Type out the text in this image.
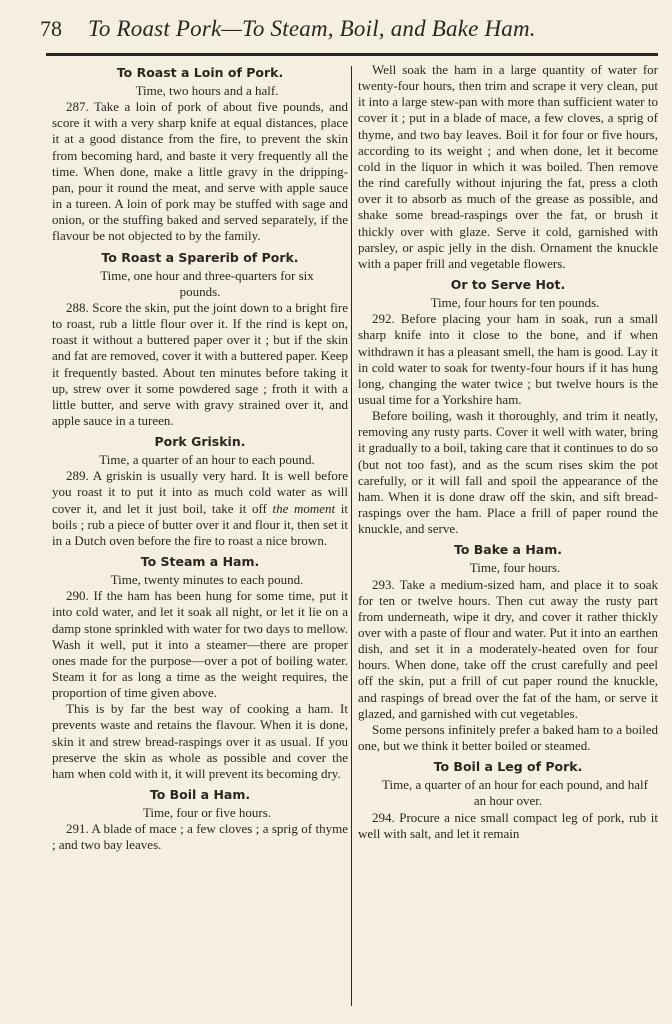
78 To Roast Pork—To Steam, Boil, and Bake Ham.
To Roast a Loin of Pork.

Time, two hours and a half.

287. Take a loin of pork of about five pounds, and score it with a very sharp knife at equal distances, place it at a good distance from the fire, to prevent the skin from becoming hard, and baste it very frequently all the time. When done, make a little gravy in the dripping-pan, pour it round the meat, and serve with apple sauce in a tureen. A loin of pork may be stuffed with sage and onion, or the stuffing baked and served separately, if the flavour be not objected to by the family.

To Roast a Sparerib of Pork.

Time, one hour and three-quarters for six pounds.

288. Score the skin, put the joint down to a bright fire to roast, rub a little flour over it. If the rind is kept on, roast it without a buttered paper over it ; but if the skin and fat are removed, cover it with a buttered paper. Keep it frequently basted. About ten minutes before taking it up, strew over it some powdered sage ; froth it with a little butter, and serve with gravy strained over it, and apple sauce in a tureen.

Pork Griskin.

Time, a quarter of an hour to each pound.

289. A griskin is usually very hard. It is well before you roast it to put it into as much cold water as will cover it, and let it just boil, take it off the moment it boils ; rub a piece of butter over it and flour it, then set it in a Dutch oven before the fire to roast a nice brown.

To Steam a Ham.

Time, twenty minutes to each pound.

290. If the ham has been hung for some time, put it into cold water, and let it soak all night, or let it lie on a damp stone sprinkled with water for two days to mellow. Wash it well, put it into a steamer—there are proper ones made for the purpose—over a pot of boiling water. Steam it for as long a time as the weight requires, the proportion of time given above.

This is by far the best way of cooking a ham. It prevents waste and retains the flavour. When it is done, skin it and strew bread-raspings over it as usual. If you preserve the skin as whole as possible and cover the ham when cold with it, it will prevent its becoming dry.

To Boil a Ham.

Time, four or five hours.

291. A blade of mace ; a few cloves ; a sprig of thyme ; and two bay leaves.

Well soak the ham in a large quantity of water for twenty-four hours, then trim and scrape it very clean, put it into a large stew-pan with more than sufficient water to cover it ; put in a blade of mace, a few cloves, a sprig of thyme, and two bay leaves. Boil it for four or five hours, according to its weight ; and when done, let it become cold in the liquor in which it was boiled. Then remove the rind carefully without injuring the fat, press a cloth over it to absorb as much of the grease as possible, and shake some bread-raspings over the fat, or brush it thickly over with glaze. Serve it cold, garnished with parsley, or aspic jelly in the dish. Ornament the knuckle with a paper frill and vegetable flowers.

Or to Serve Hot.

Time, four hours for ten pounds.

292. Before placing your ham in soak, run a small sharp knife into it close to the bone, and if when withdrawn it has a pleasant smell, the ham is good. Lay it in cold water to soak for twenty-four hours if it has hung long, changing the water twice ; but twelve hours is the usual time for a Yorkshire ham.

Before boiling, wash it thoroughly, and trim it neatly, removing any rusty parts. Cover it well with water, bring it gradually to a boil, taking care that it continues to do so (but not too fast), and as the scum rises skim the pot carefully, or it will fall and spoil the appearance of the ham. When it is done draw off the skin, and sift bread-raspings over the ham. Place a frill of paper round the knuckle, and serve.

To Bake a Ham.

Time, four hours.

293. Take a medium-sized ham, and place it to soak for ten or twelve hours. Then cut away the rusty part from underneath, wipe it dry, and cover it rather thickly over with a paste of flour and water. Put it into an earthen dish, and set it in a moderately-heated oven for four hours. When done, take off the crust carefully and peel off the skin, put a frill of cut paper round the knuckle, and raspings of bread over the fat of the ham, or serve it glazed, and garnished with cut vegetables.

Some persons infinitely prefer a baked ham to a boiled one, but we think it better boiled or steamed.

To Boil a Leg of Pork.

Time, a quarter of an hour for each pound, and half an hour over.

294. Procure a nice small compact leg of pork, rub it well with salt, and let it remain
